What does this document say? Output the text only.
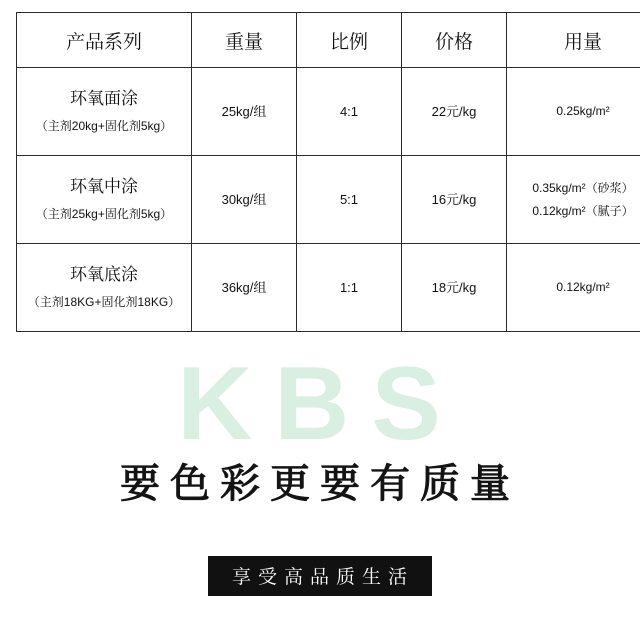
产品系列	重量	比例	价格	用量

环氧面涂
（主剂20kg+固化剂5kg）	25kg/组	4:1	22元/kg	0.25kg/m²

环氧中涂
（主剂25kg+固化剂5kg）	30kg/组	5:1	16元/kg	0.35kg/m²（砂浆）
0.12kg/m²（腻子）

环氧底涂
（主剂18KG+固化剂18KG）	36kg/组	1:1	18元/kg	0.12kg/m²
KBS
要色彩更要有质量
享受高品质生活
